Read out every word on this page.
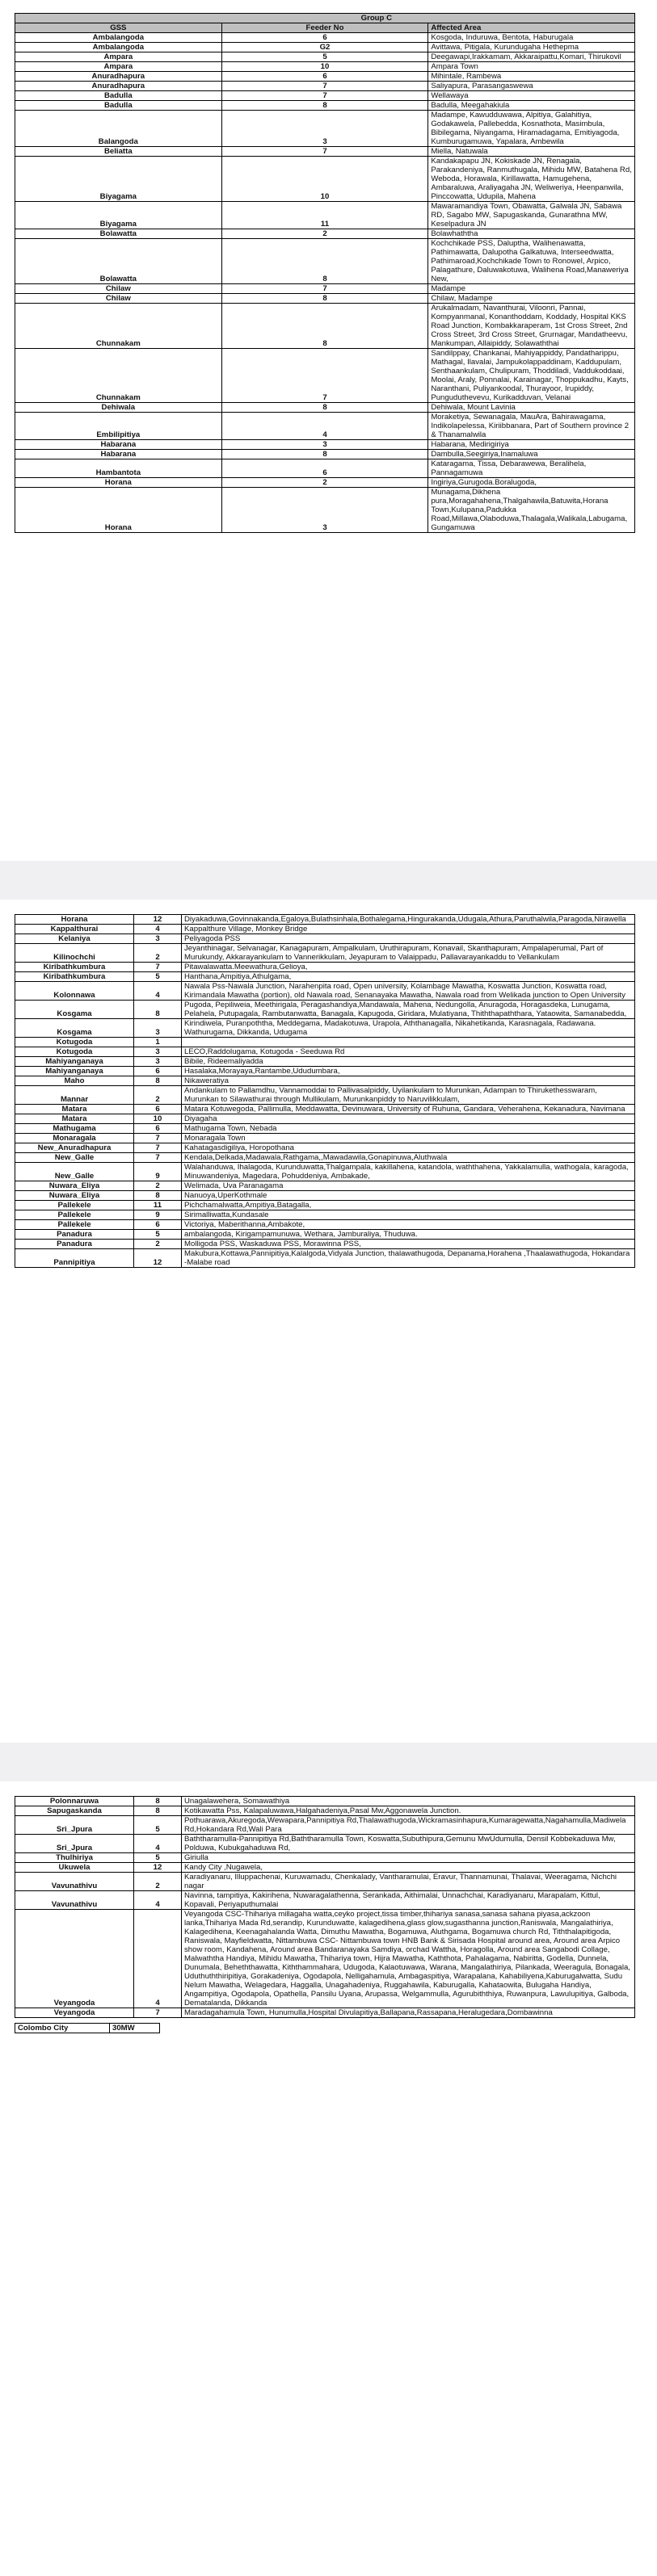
Group C		
GSS	Feeder No	Affected Area
Ambalangoda	6	Kosgoda, Induruwa, Bentota, Haburugala
Ambalangoda	G2	Avittawa, Pitigala, Kurundugaha Hethepma
Ampara	5	Deegawapi,Irakkamam, Akkaraipattu,Komari, Thirukovil
Ampara	10	Ampara Town
Anuradhapura	6	Mihintale, Rambewa
Anuradhapura	7	Saliyapura, Parasangaswewa
Badulla	7	Wellawaya
Badulla	8	Badulla, Meegahakiula
Balangoda	3	Madampe, Kawudduwawa, Alpitiya, Galahitiya, Godakawela, Pallebedda, Kosnathota, Masimbula, Bibilegama, Niyangama, Hiramadagama, Emitiyagoda, Kumburugamuwa, Yapalara, Ambewila
Beliatta	7	Miella, Natuwala
Biyagama	10	Kandakapapu JN, Kokiskade JN, Renagala, Parakandeniya, Ranmuthugala, Mihidu MW, Batahena Rd, Weboda, Horawala, Kirillawatta, Hamugehena, Ambaraluwa, Araliyagaha JN, Weliweriya, Heenpanwila, Pinccowatta, Udupila, Mahena
Biyagama	11	Mawaramandiya Town, Obawatta, Galwala JN, Sabawa RD, Sagabo MW, Sapugaskanda, Gunarathna MW, Keselpadura JN
Bolawatta	2	Bolawhaththa
Bolawatta	8	Kochchikade PSS, Daluptha, Walihenawatta, Pathimawatta, Dalupotha Galkatuwa, Interseedwatta, Pathimaroad,Kochchikade Town to Ronowel, Arpico, Palagathure, Daluwakotuwa, Walihena Road,Manaweriya New,
Chilaw	7	Madampe
Chilaw	8	Chilaw, Madampe
Chunnakam	8	Arukalmadam, Navanthurai, Viloonri, Pannai, Kompyanmanal, Konanthoddam, Koddady, Hospital KKS Road Junction, Kombakkaraperam, 1st Cross Street, 2nd Cross Street, 3rd Cross Street, Grurnagar, Mandatheevu, Mankumpan, Allaipiddy, Solawaththai
Chunnakam	7	Sandilppay, Chankanai, Mahiyappiddy, Pandatharippu, Mathagal, Ilavalai, Jampukolappaddinam, Kaddupulam, Senthaankulam, Chulipuram, Thoddiladi, Vaddukoddaai, Moolai, Araly, Ponnalai, Karainagar, Thoppukadhu, Kayts, Naranthani, Puliyankoodal, Thurayoor, Irupiddy, Punguduthevevu, Kurikadduvan, Velanai
Dehiwala	8	Dehiwala, Mount Lavinia
Embilipitiya	4	Moraketiya, Sewanagala, MauAra, Bahirawagama, Indikolapelessa, Kiriibbanara, Part of Southern province 2 & Thanamalwila
Habarana	3	Habarana, Medirigiriya
Habarana	8	Dambulla,Seegiriya,Inamaluwa
Hambantota	6	Kataragama, Tissa, Debarawewa, Beralihela, Pannagamuwa
Horana	2	Ingiriya,Gurugoda.Boralugoda,
Horana	3	Munagama,Dikhena pura,Moragahahena,Thalgahawila,Batuwita,Horana Town,Kulupana,Padukka Road,Millawa,Olaboduwa,Thalagala,Walikala,Labugama, Gungamuwa
Horana	12	Diyakaduwa,Govinnakanda,Egaloya,Bulathsinhala,Bothalegama,Hingurakanda,Udugala,Athura,Paruthalwila,Paragoda,Nirawella
Kappalthurai	4	Kappalthure Village, Monkey Bridge
Kelaniya	3	Peliyagoda PSS
Kilinochchi	2	Jeyanthinagar, Selvanagar, Kanagapuram, Ampalkulam, Uruthirapuram, Konavail, Skanthapuram, Ampalaperumal, Part of Murukundy, Akkarayankulam to Vannerikkulam, Jeyapuram to Valaippadu, Pallavarayankaddu to Vellankulam
Kiribathkumbura	7	Pitawalawatta.Meewathura,Gelioya,
Kiribathkumbura	5	Hanthana,Ampitiya,Athulgama,
Kolonnawa	4	Nawala Pss-Nawala Junction, Narahenpita road, Open university, Kolambage Mawatha, Koswatta Junction, Koswatta road, Kirimandala Mawatha (portion), old Nawala road, Senanayaka Mawatha, Nawala road from Welikada junction to Open University
Kosgama	8	Pugoda, Pepiliweia, Meethirigala, Peragashandiya,Mandawala, Mahena, Nedungolla, Anuragoda, Horagasdeka, Lunugama, Pelahela, Putupagala, Rambutanwatta, Banagala, Kapugoda, Giridara, Mulatiyana, Thiththapaththara, Yataowita, Samanabedda,
Kosgama	3	Kirindiwela, Puranpoththa, Meddegama, Madakotuwa, Urapola, Aththanagalla, Nikahetikanda, Karasnagala, Radawana. Wathurugama, Dikkanda, Udugama
Kotugoda	1	
Kotugoda	3	LECO,Raddolugama, Kotugoda - Seeduwa Rd
Mahiyanganaya	3	Bibile, Rideemaliyadda
Mahiyanganaya	6	Hasalaka,Morayaya,Rantambe,Ududumbara,
Maho	8	Nikaweratiya
Mannar	2	Andankulam to Pallamdhu, Vannamoddai to Pallivasalpiddy, Uyilankulam to Murunkan, Adampan to Thirukethesswaram, Murunkan to Silawathurai through Mullikulam, Murunkanpiddy to Naruvilikkulam,
Matara	6	Matara Kotuwegoda, Pallimulla, Meddawatta, Devinuwara, University of Ruhuna, Gandara, Veherahena, Kekanadura, Navimana
Matara	10	Diyagaha
Mathugama	6	Mathugama Town, Nebada
Monaragala	7	Monaragala Town
New_Anuradhapura	7	Kahatagasdigiliya, Horopothana
New_Galle	7	Kendala,Delkada,Madawala,Rathgama,,Mawadawila,Gonapinuwa,Aluthwala
New_Galle	9	Walahanduwa, Ihalagoda, Kurunduwatta,Thalgampala, kakillahena, katandola, waththahena, Yakkalamulla, wathogala, karagoda, Minuwandeniya, Magedara, Pohuddeniya, Ambakade,
Nuwara_Eliya	2	Welimada, Uva Paranagama
Nuwara_Eliya	8	Nanuoya,UperKothmale
Pallekele	11	Pichchamalwatta,Ampitiya,Batagalla,
Pallekele	9	Sirimalliwatta,Kundasale
Pallekele	6	Victoriya, Maberithanna,Ambakote,
Panadura	5	ambalangoda, Kirigampamunuwa, Wethara, Jamburaliya, Thuduwa.
Panadura	2	Molligoda PSS, Waskaduwa PSS, Morawinna PSS,
Pannipitiya	12	Makubura,Kottawa,Pannipitiya,Kalalgoda,Vidyala Junction, thalawathugoda, Depanama,Horahena ,Thaalawathugoda, Hokandara -Malabe road
Polonnaruwa	8	Unagalawehera, Somawathiya
Sapugaskanda	8	Kotikawatta Pss, Kalapaluwawa,Halgahadeniya,Pasal Mw,Aggonawela Junction.
Sri_Jpura	5	Pothuarawa,Akuregoda,Wewapara,Pannipitiya Rd,Thalawathugoda,Wickramasinhapura,Kumaragewatta,Nagahamulla,Madiwela Rd,Hokandara Rd,Wali Para
Sri_Jpura	4	Baththaramulla-Pannipitiya Rd,Baththaramulla Town, Koswatta,Subuthipura,Gemunu MwUdumulla, Densil Kobbekaduwa Mw, Polduwa, Kubukgahaduwa Rd,
Thulhiriya	5	Giriulla
Ukuwela	12	Kandy City ,Nugawela,
Vavunathivu	2	Karadiyanaru, Illuppachenai, Kuruwamadu, Chenkalady, Vantharamulai, Eravur, Thannamunai, Thalavai, Weeragama, Nichchi nagar
Vavunathivu	4	Navinna, tampitiya, Kakirihena, Nuwaragalathenna, Serankada, Aithimalai, Unnachchai, Karadiyanaru, Marapalam, Kittul, Kopavali, Periyaputhumalai
Veyangoda	4	Veyangoda CSC-Thihariya millagaha watta,ceyko project,tissa timber,thihariya sanasa,sanasa sahana piyasa,ackzoon lanka,Thihariya Mada Rd,serandip, Kurunduwatte, kalagedihena,glass glow,sugasthanna junction,Raniswala, Mangalathiriya, Kalagedihena, Keenagahalanda Watta, Dimuthu Mawatha, Bogamuwa, Aluthgama, Bogamuwa church Rd, Tiththalapitigoda, Raniswala, Mayfieldwatta, Nittambuwa CSC- Nittambuwa town HNB Bank & Sirisada Hospital around area, Around area Arpico show room, Kandahena, Around area Bandaranayaka Samdiya, orchad Wattha, Horagolla, Around area Sangabodi Collage, Malwaththa Handiya, Mihidu Mawatha, Thihariya town, Hijra Mawatha, Kaththota, Pahalagama, Nabiritta, Godella, Dunnela, Dunumala, Beheththawatta, Kiththammahara, Udugoda, Kalaotuwawa, Warana, Mangalathiriya, Pilankada, Weeragula, Bonagala, Uduthuththiripitiya, Gorakadeniya, Ogodapola, Nelligahamula, Ambagaspitiya, Warapalana, Kahabiliyena,Kaburugalwatta, Sudu Nelum Mawatha, Welagedara, Haggalla, Unagahadeniya, Ruggahawila, Kaburugalla, Kahataowita, Bulugaha Handiya, Angampitiya, Ogodapola, Opathella, Pansilu Uyana, Arupassa, Welgammulla, Agurubiththiya, Ruwanpura, Lawulupitiya, Galboda, Dematalanda, Dikkanda
Veyangoda	7	Maradagahamula Town, Hunumulla,Hospital Divulapitiya,Ballapana,Rassapana,Heralugedara,Dombawinna
Colombo City	30MW
